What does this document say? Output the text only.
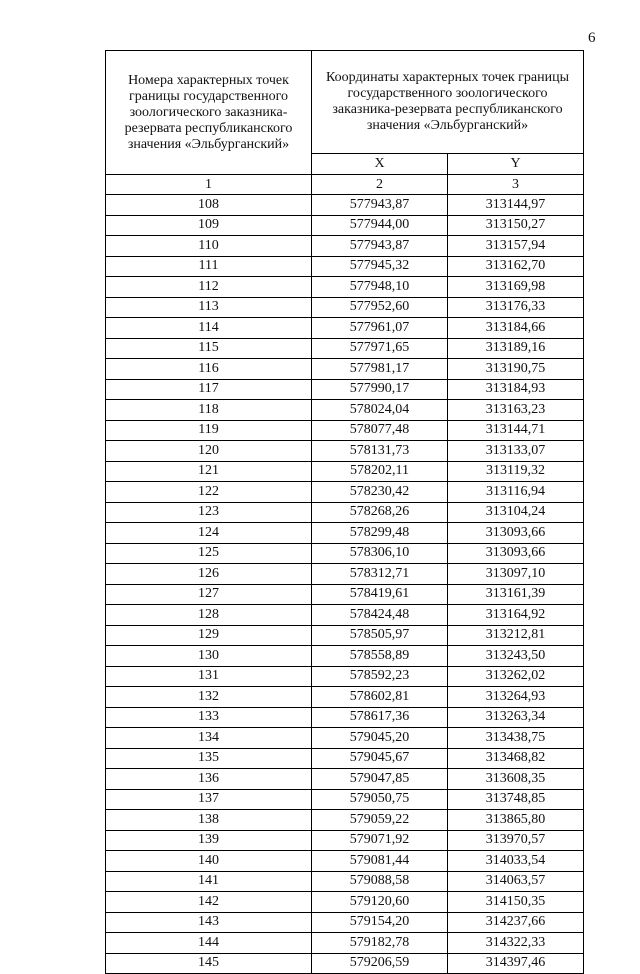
6
Номера характерных точек границы государственного зоологического заказника-резервата республиканского значения «Эльбурганский»	Координаты характерных точек границы государственного зоологического заказника-резервата республиканского значения «Эльбурганский»	
	X	Y
1	2	3
108	577943,87	313144,97
109	577944,00	313150,27
110	577943,87	313157,94
111	577945,32	313162,70
112	577948,10	313169,98
113	577952,60	313176,33
114	577961,07	313184,66
115	577971,65	313189,16
116	577981,17	313190,75
117	577990,17	313184,93
118	578024,04	313163,23
119	578077,48	313144,71
120	578131,73	313133,07
121	578202,11	313119,32
122	578230,42	313116,94
123	578268,26	313104,24
124	578299,48	313093,66
125	578306,10	313093,66
126	578312,71	313097,10
127	578419,61	313161,39
128	578424,48	313164,92
129	578505,97	313212,81
130	578558,89	313243,50
131	578592,23	313262,02
132	578602,81	313264,93
133	578617,36	313263,34
134	579045,20	313438,75
135	579045,67	313468,82
136	579047,85	313608,35
137	579050,75	313748,85
138	579059,22	313865,80
139	579071,92	313970,57
140	579081,44	314033,54
141	579088,58	314063,57
142	579120,60	314150,35
143	579154,20	314237,66
144	579182,78	314322,33
145	579206,59	314397,46
